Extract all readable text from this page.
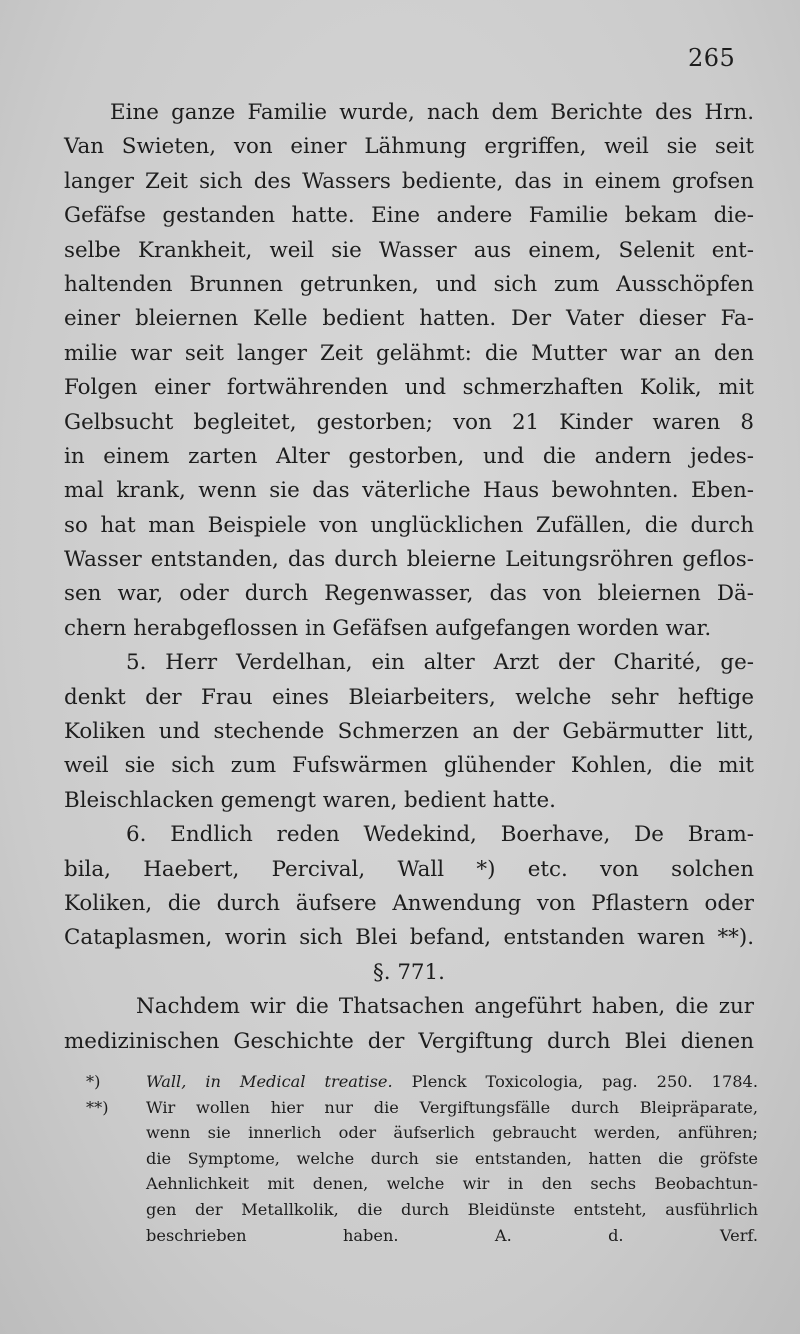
265
Eine ganze Familie wurde, nach dem Berichte des Hrn.
Van Swieten, von einer Lähmung ergriffen, weil sie seit
langer Zeit sich des Wassers bediente, das in einem grofsen
Gefäfse gestanden hatte. Eine andere Familie bekam die-
selbe Krankheit, weil sie Wasser aus einem, Selenit ent-
haltenden Brunnen getrunken, und sich zum Ausschöpfen
einer bleiernen Kelle bedient hatten. Der Vater dieser Fa-
milie war seit langer Zeit gelähmt: die Mutter war an den
Folgen einer fortwährenden und schmerzhaften Kolik, mit
Gelbsucht begleitet, gestorben; von 21 Kinder waren 8
in einem zarten Alter gestorben, und die andern jedes-
mal krank, wenn sie das väterliche Haus bewohnten. Eben-
so hat man Beispiele von unglücklichen Zufällen, die durch
Wasser entstanden, das durch bleierne Leitungsröhren geflos-
sen war, oder durch Regenwasser, das von bleiernen Dä-
chern herabgeflossen in Gefäfsen aufgefangen worden war.
5. Herr Verdelhan, ein alter Arzt der Charité, ge-
denkt der Frau eines Bleiarbeiters, welche sehr heftige
Koliken und stechende Schmerzen an der Gebärmutter litt,
weil sie sich zum Fufswärmen glühender Kohlen, die mit
Bleischlacken gemengt waren, bedient hatte.
6. Endlich reden Wedekind, Boerhave, De Bram-
bila, Haebert, Percival, Wall *) etc. von solchen
Koliken, die durch äufsere Anwendung von Pflastern oder
Cataplasmen, worin sich Blei befand, entstanden waren **).
§. 771.
Nachdem wir die Thatsachen angeführt haben, die zur
medizinischen Geschichte der Vergiftung durch Blei dienen
*)	Wall, in Medical treatise. Plenck Toxicologia, pag. 250. 1784.
**) Wir wollen hier nur die Vergiftungsfälle durch Bleipräparate,
wenn sie innerlich oder äufserlich gebraucht werden, anführen;
die Symptome, welche durch sie entstanden, hatten die gröfste
Aehnlichkeit mit denen, welche wir in den sechs Beobachtun-
gen der Metallkolik, die durch Bleidünste entsteht, ausführlich
beschrieben haben.	A. d. Verf.
